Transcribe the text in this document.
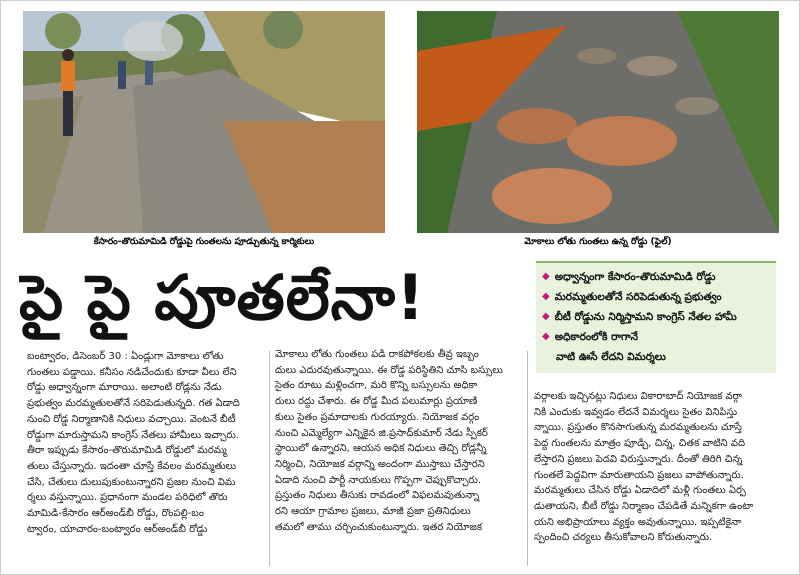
కేసారం-తొరుమామిడి రోడ్డుపై గుంతలను పూడ్చుతున్న కార్మికులు	మోకాలు లోతు గుంతలు ఉన్న రోడ్డు (ఫైల్)
పై పై పూతలేనా!	◆ అధ్వాన్నంగా కేసారం-తొరుమామిడి రోడ్డు
◆ మరమ్మతులతోనే సరిపెడుతున్న ప్రభుత్వం
◆ బీటీ రోడ్డును నిర్మిస్తామని కాంగ్రెస్ నేతల హామీ
◆ అధికారంలోకి రాగానే
వాటి ఊసే లేదని విమర్శలు

బంట్వారం, డిసెంబర్ 30 : ఏండ్లుగా మోకాలు లోతు

గుంతలు పడ్డాయి. కనీసం నడిచేందుకు కూడా వీలు లేని

రోడ్డు అధ్వాన్నంగా మారాయి. అలాంటి రోడ్లను నేడు

ప్రభుత్వం మరమ్మతులతోనే సరిపెడుతున్నది. గత ఏడాది

నుంచి రోడ్డ నిర్మాణానికి నిధులు వచ్చాయి. వెంటనే బీటీ

రోడ్డుగా మారుస్తామని కాంగ్రెస్ నేతలు హామీలు ఇచ్చారు.

తీరా ఇప్పుడు కేసారం-తొరుమామిడి రోడ్డులో మరమ్మ

తులు చేస్తున్నారు. ఇదంతా చూస్తే కేవలం మరమ్మతులు

చేసి, చేతులు దులుపుకుంటున్నారని ప్రజల నుంచి విమ

ర్శలు వస్తున్నాయి. ప్రధానంగా మండల పరిధిలో తొరు

మామిడి-కేసారం ఆర్‌అండ్‌బీ రోడ్డు, రొంపల్లి-బం

ట్వారం, యాచారం-బంట్వారం ఆర్‌అండ్‌బీ రోడ్డు

మోకాలు లోతు గుంతలు పడి రాకపోకలకు తీవ్ర ఇబ్బం

దులు ఎదురవుతున్నాయి. ఈ రోడ్డ పరిస్థితిని చూసి బస్సులు

సైతం రూటు మళ్లించగా, మరి కొన్ని బస్సులను అధికా

రులు రద్దు చేశారు. ఈ రోడ్డ మీద పలుమార్లు ప్రయాణి

కులు సైతం ప్రమాదాలకు గురయ్యారు. నియోజక వర్గం

నుంచి ఎమ్మెల్యేగా ఎన్నికైన జి.ప్రసాద్‌కుమార్ నేడు స్పీకర్

స్థాయిలో ఉన్నారని, ఆయన అధిక నిధులు తెచ్చి రోడ్లన్నీ

నిర్మించి, నియోజక వర్గాన్ని అందంగా ముస్తాబు చేస్తారని

ఏడాది నుంచి పార్టీ నాయకులు గొప్పగా చెప్పుకొచ్చారు.

ప్రస్తుతం నిధులు తీసుకు రావడంలో విఫలమవుతున్నా

రని ఆయా గ్రామాల ప్రజలు, మాజీ ప్రజా ప్రతినిధులు

తమలో తాము చర్చించుకుంటున్నారు. ఇతర నియోజక

వర్గాలకు ఇచ్చినట్లు నిధులు వికారాబాద్ నియోజక వర్గా

నికి ఎందుకు ఇవ్వడం లేదనే విమర్శలు సైతం వినిపిస్తు

న్నాయి. ప్రస్తుతం కొనసాగుతున్న మరమ్మతులను చూస్తే

పెద్ద గుంతలను మాత్రం పూడ్చి, చిన్న, చితక వాటిని వది

లేస్తారని ప్రజలు పెదవి విరుస్తున్నారు. దీంతో తిరిగి చిన్న

గుంతలే పెద్దవిగా మారుతాయని ప్రజలు వాపోతున్నారు.

మరమ్మతులు చేసిన రోడ్డు ఏడాదిలో మళ్లీ గుంతలు ఏర్ప

డుతాయని, బీటీ రోడ్డు నిర్మాణం చేపడితే మన్నికగా ఉంటా

యని అభిప్రాయాలు వ్యక్తం అవుతున్నాయి. ఇప్పటికైనా

స్పందించి చర్యలు తీసుకోవాలని కోరుతున్నారు.
